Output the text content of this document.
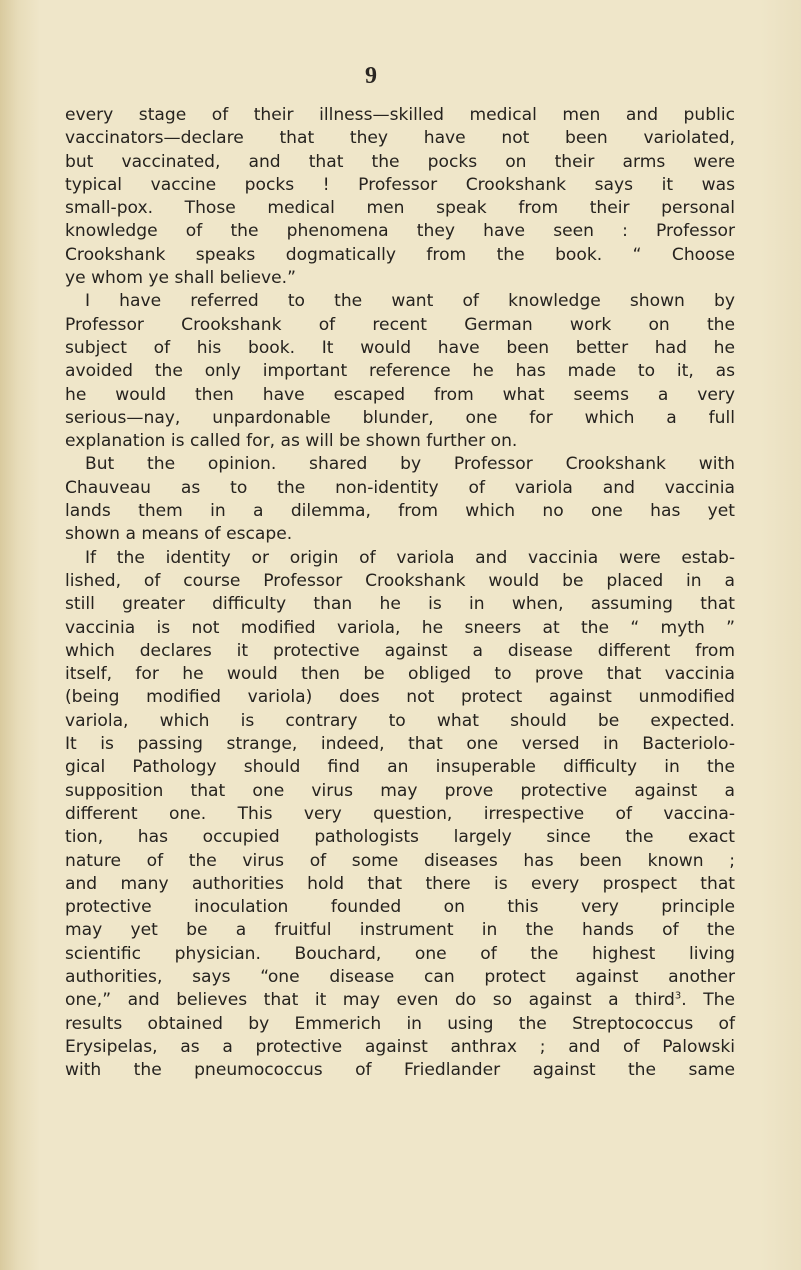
9
every stage of their illness—skilled medical men and public
vaccinators—declare that they have not been variolated,
but vaccinated, and that the pocks on their arms were
typical vaccine pocks ! Professor Crookshank says it was
small-pox. Those medical men speak from their personal
knowledge of the phenomena they have seen : Professor
Crookshank speaks dogmatically from the book. “ Choose
ye whom ye shall believe.”
I have referred to the want of knowledge shown by
Professor Crookshank of recent German work on the
subject of his book. It would have been better had he
avoided the only important reference he has made to it, as
he would then have escaped from what seems a very
serious—nay, unpardonable blunder, one for which a full
explanation is called for, as will be shown further on.
But the opinion. shared by Professor Crookshank with
Chauveau as to the non-identity of variola and vaccinia
lands them in a dilemma, from which no one has yet
shown a means of escape.
If the identity or origin of variola and vaccinia were estab-
lished, of course Professor Crookshank would be placed in a
still greater difficulty than he is in when, assuming that
vaccinia is not modified variola, he sneers at the “ myth ”
which declares it protective against a disease different from
itself, for he would then be obliged to prove that vaccinia
(being modified variola) does not protect against unmodified
variola, which is contrary to what should be expected.
It is passing strange, indeed, that one versed in Bacteriolo-
gical Pathology should find an insuperable difficulty in the
supposition that one virus may prove protective against a
different one. This very question, irrespective of vaccina-
tion, has occupied pathologists largely since the exact
nature of the virus of some diseases has been known ;
and many authorities hold that there is every prospect that
protective inoculation founded on this very principle
may yet be a fruitful instrument in the hands of the
scientific physician. Bouchard, one of the highest living
authorities, says “one disease can protect against another
one,” and believes that it may even do so against a third$^3$. The
results obtained by Emmerich in using the Streptococcus of
Erysipelas, as a protective against anthrax ; and of Palowski
with the pneumococcus of Friedlander against the same
